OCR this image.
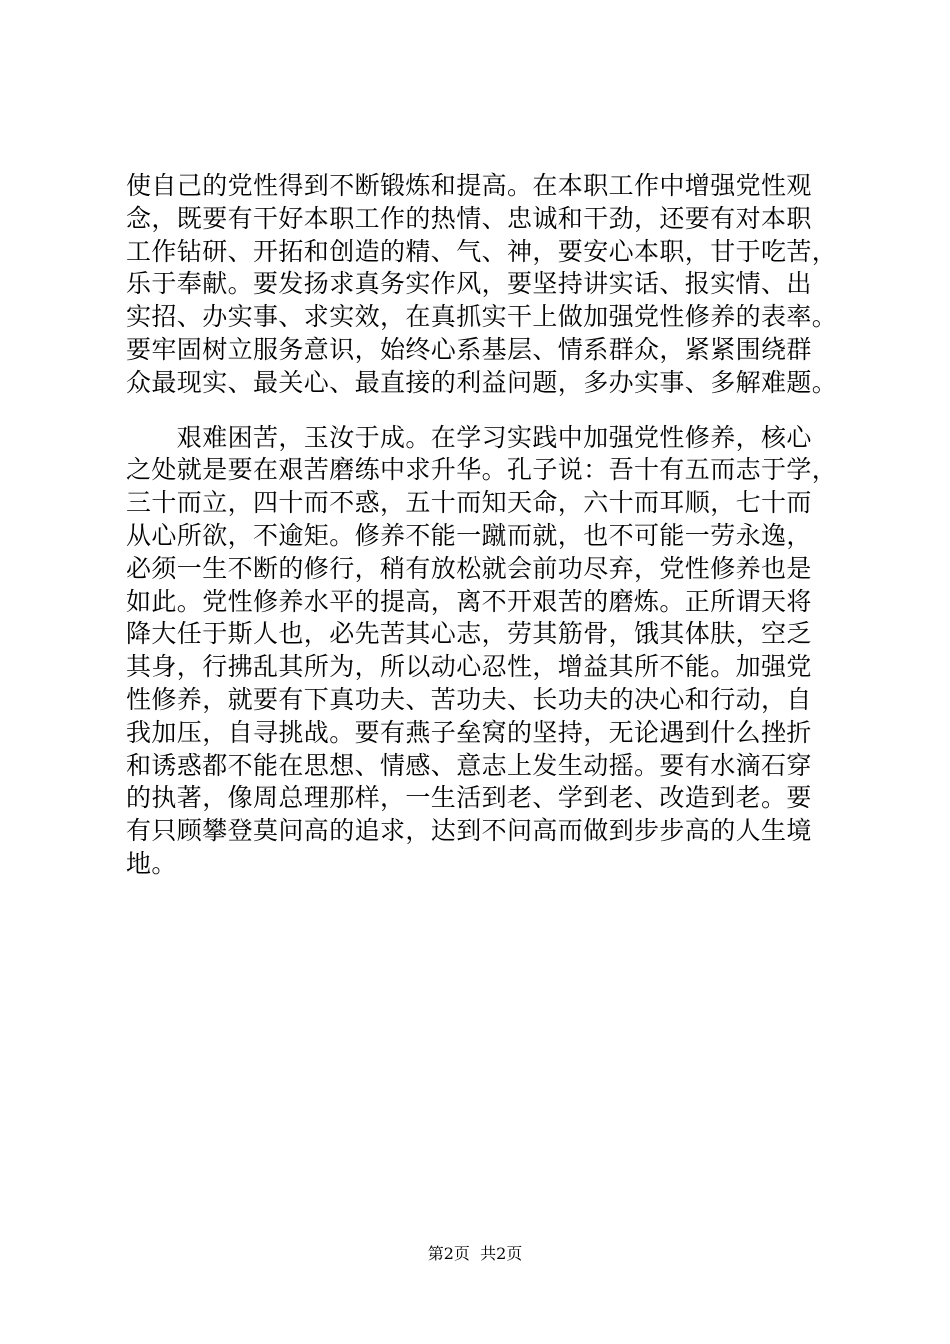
使自己的党性得到不断锻炼和提高。在本职工作中增强党性观
念，既要有干好本职工作的热情、忠诚和干劲，还要有对本职
工作钻研、开拓和创造的精、气、神，要安心本职，甘于吃苦，
乐于奉献。要发扬求真务实作风，要坚持讲实话、报实情、出
实招、办实事、求实效，在真抓实干上做加强党性修养的表率。
要牢固树立服务意识，始终心系基层、情系群众，紧紧围绕群
众最现实、最关心、最直接的利益问题，多办实事、多解难题。
　　艰难困苦，玉汝于成。在学习实践中加强党性修养，核心
之处就是要在艰苦磨练中求升华。孔子说：吾十有五而志于学，
三十而立，四十而不惑，五十而知天命，六十而耳顺，七十而
从心所欲，不逾矩。修养不能一蹴而就，也不可能一劳永逸，
必须一生不断的修行，稍有放松就会前功尽弃，党性修养也是
如此。党性修养水平的提高，离不开艰苦的磨炼。正所谓天将
降大任于斯人也，必先苦其心志，劳其筋骨，饿其体肤，空乏
其身，行拂乱其所为，所以动心忍性，增益其所不能。加强党
性修养，就要有下真功夫、苦功夫、长功夫的决心和行动，自
我加压，自寻挑战。要有燕子垒窝的坚持，无论遇到什么挫折
和诱惑都不能在思想、情感、意志上发生动摇。要有水滴石穿
的执著，像周总理那样，一生活到老、学到老、改造到老。要
有只顾攀登莫问高的追求，达到不问高而做到步步高的人生境
地。
第2页 共2页
